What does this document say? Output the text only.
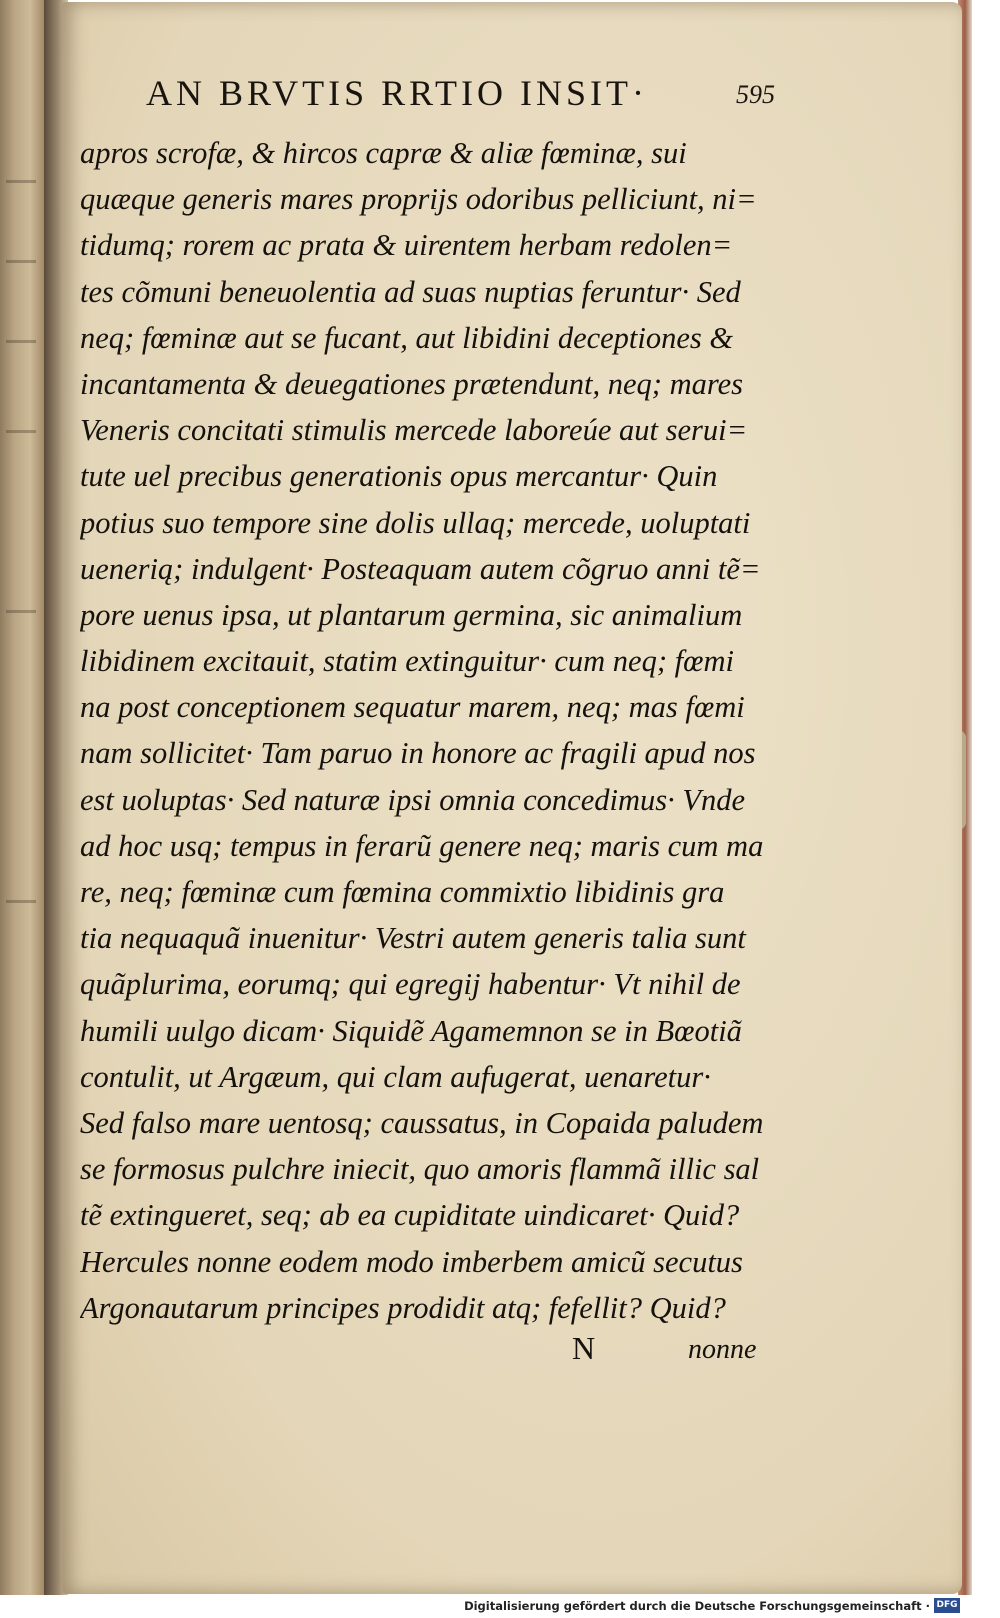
AN BRVTIS RRTIO INSIT·	595
apros scrofæ, & hircos capræ & aliæ fœminæ, sui
quæque generis mares proprijs odoribus pelliciunt, ni=
tidumq; rorem ac prata & uirentem herbam redolen=
tes cõmuni beneuolentia ad suas nuptias feruntur· Sed
neq; fœminæ aut se fucant, aut libidini deceptiones &
incantamenta & deuegationes prætendunt, neq; mares
Veneris concitati stimulis mercede laboreúe aut serui=
tute uel precibus generationis opus mercantur· Quin
potius suo tempore sine dolis ullaq; mercede, uoluptati
uenerią; indulgent· Posteaquam autem cõgruo anni tẽ=
pore uenus ipsa, ut plantarum germina, sic animalium
libidinem excitauit, statim extinguitur· cum neq; fœmi
na post conceptionem sequatur marem, neq; mas fœmi
nam sollicitet· Tam paruo in honore ac fragili apud nos
est uoluptas· Sed naturæ ipsi omnia concedimus· Vnde
ad hoc usq; tempus in ferarũ genere neq; maris cum ma
re, neq; fœminæ cum fœmina commixtio libidinis gra
tia nequaquã inuenitur· Vestri autem generis talia sunt
quãplurima, eorumq; qui egregij habentur· Vt nihil de
humili uulgo dicam· Siquidẽ Agamemnon se in Bœotiã
contulit, ut Argæum, qui clam aufugerat, uenaretur·
Sed falso mare uentosq; caussatus, in Copaida paludem
se formosus pulchre iniecit, quo amoris flammã illic sal
tẽ extingueret, seq; ab ea cupiditate uindicaret· Quid?
Hercules nonne eodem modo imberbem amicũ secutus
Argonautarum principes prodidit atq; fefellit? Quid?
N	nonne
Digitalisierung gefördert durch die Deutsche Forschungsgemeinschaft · DFG
